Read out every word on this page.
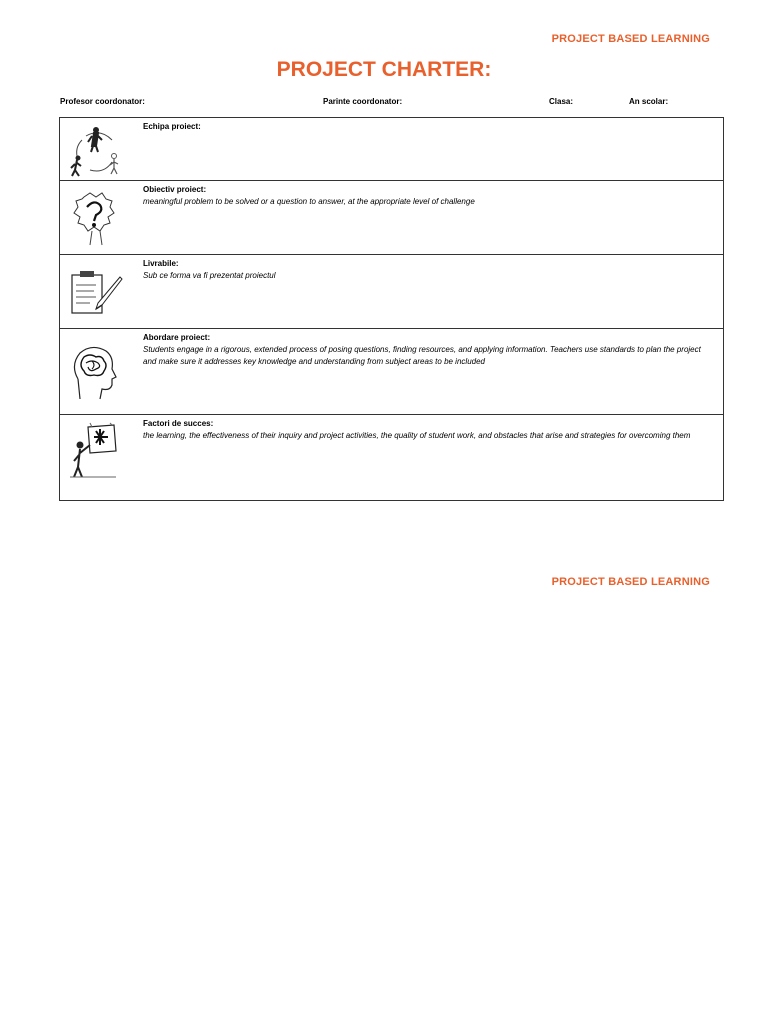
PROJECT BASED LEARNING
PROJECT CHARTER:
Profesor coordonator:	Parinte coordonator:	Clasa:	An scolar:
Echipa proiect:
Obiectiv proiect:
meaningful problem to be solved or a question to answer, at the appropriate level of challenge
Livrabile:
Sub ce forma va fi prezentat proiectul
Abordare proiect:
Students engage in a rigorous, extended process of posing questions, finding resources, and applying information. Teachers use standards to plan the project and make sure it addresses key knowledge and understanding from subject areas to be included
Factori de succes:
the learning, the effectiveness of their inquiry and project activities, the quality of student work, and obstacles that arise and strategies for overcoming them
PROJECT BASED LEARNING
